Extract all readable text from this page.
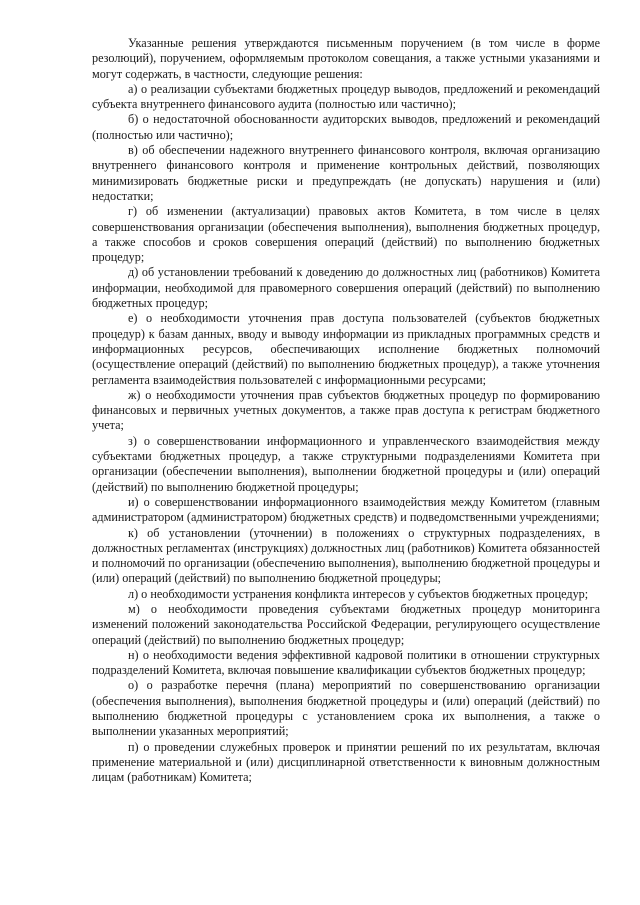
Указанные решения утверждаются письменным поручением (в том числе в форме резолюций), поручением, оформляемым протоколом совещания, а также устными указаниями и могут содержать, в частности, следующие решения:

а) о реализации субъектами бюджетных процедур выводов, предложений и рекомендаций субъекта внутреннего финансового аудита (полностью или частично);

б) о недостаточной обоснованности аудиторских выводов, предложений и рекомендаций (полностью или частично);

в) об обеспечении надежного внутреннего финансового контроля, включая организацию внутреннего финансового контроля и применение контрольных действий, позволяющих минимизировать бюджетные риски и предупреждать (не допускать) нарушения и (или) недостатки;

г) об изменении (актуализации) правовых актов Комитета, в том числе в целях совершенствования организации (обеспечения выполнения), выполнения бюджетных процедур, а также способов и сроков совершения операций (действий) по выполнению бюджетных процедур;

д) об установлении требований к доведению до должностных лиц (работников) Комитета информации, необходимой для правомерного совершения операций (действий) по выполнению бюджетных процедур;

е) о необходимости уточнения прав доступа пользователей (субъектов бюджетных процедур) к базам данных, вводу и выводу информации из прикладных программных средств и информационных ресурсов, обеспечивающих исполнение бюджетных полномочий (осуществление операций (действий) по выполнению бюджетных процедур), а также уточнения регламента взаимодействия пользователей с информационными ресурсами;

ж) о необходимости уточнения прав субъектов бюджетных процедур по формированию финансовых и первичных учетных документов, а также прав доступа к регистрам бюджетного учета;

з) о совершенствовании информационного и управленческого взаимодействия между субъектами бюджетных процедур, а также структурными подразделениями Комитета при организации (обеспечении выполнения), выполнении бюджетной процедуры и (или) операций (действий) по выполнению бюджетной процедуры;

и) о совершенствовании информационного взаимодействия между Комитетом (главным администратором (администратором) бюджетных средств) и подведомственными учреждениями;

к) об установлении (уточнении) в положениях о структурных подразделениях, в должностных регламентах (инструкциях) должностных лиц (работников) Комитета обязанностей и полномочий по организации (обеспечению выполнения), выполнению бюджетной процедуры и (или) операций (действий) по выполнению бюджетной процедуры;

л) о необходимости устранения конфликта интересов у субъектов бюджетных процедур;

м) о необходимости проведения субъектами бюджетных процедур мониторинга изменений положений законодательства Российской Федерации, регулирующего осуществление операций (действий) по выполнению бюджетных процедур;

н) о необходимости ведения эффективной кадровой политики в отношении структурных подразделений Комитета, включая повышение квалификации субъектов бюджетных процедур;

о) о разработке перечня (плана) мероприятий по совершенствованию организации (обеспечения выполнения), выполнения бюджетной процедуры и (или) операций (действий) по выполнению бюджетной процедуры с установлением срока их выполнения, а также о выполнении указанных мероприятий;

п) о проведении служебных проверок и принятии решений по их результатам, включая применение материальной и (или) дисциплинарной ответственности к виновным должностным лицам (работникам) Комитета;
